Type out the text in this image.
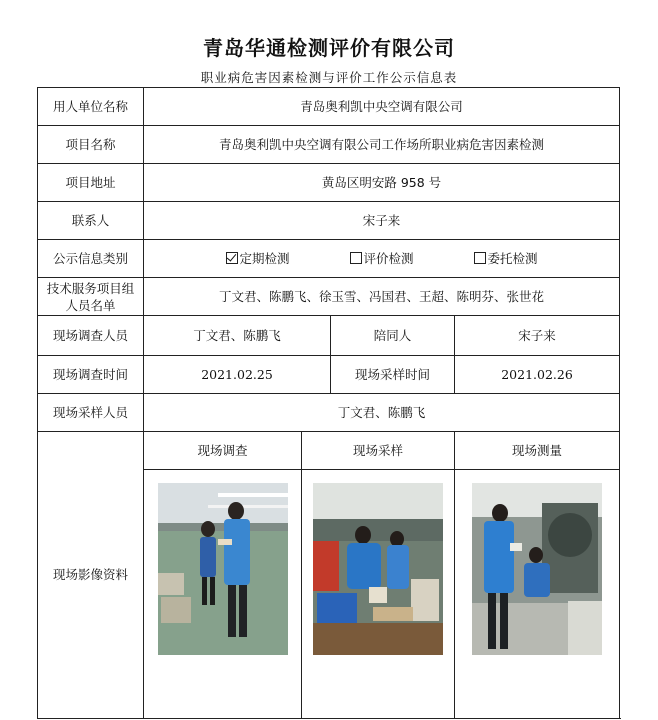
青岛华通检测评价有限公司
职业病危害因素检测与评价工作公示信息表
用人单位名称	青岛奥利凯中央空调有限公司			
项目名称	青岛奥利凯中央空调有限公司工作场所职业病危害因素检测			
项目地址	黄岛区明安路 958 号			
联系人	宋子来			
公示信息类别	定期检测 评价检测 委托检测			
技术服务项目组人员名单	丁文君、陈鹏飞、徐玉雪、冯国君、王超、陈明芬、张世花			
现场调查人员	丁文君、陈鹏飞		陪同人	宋子来
现场调查时间	2021.02.25		现场采样时间	2021.02.26
现场采样人员	丁文君、陈鹏飞			
现场影像资料	现场调查	现场采样		现场测量
